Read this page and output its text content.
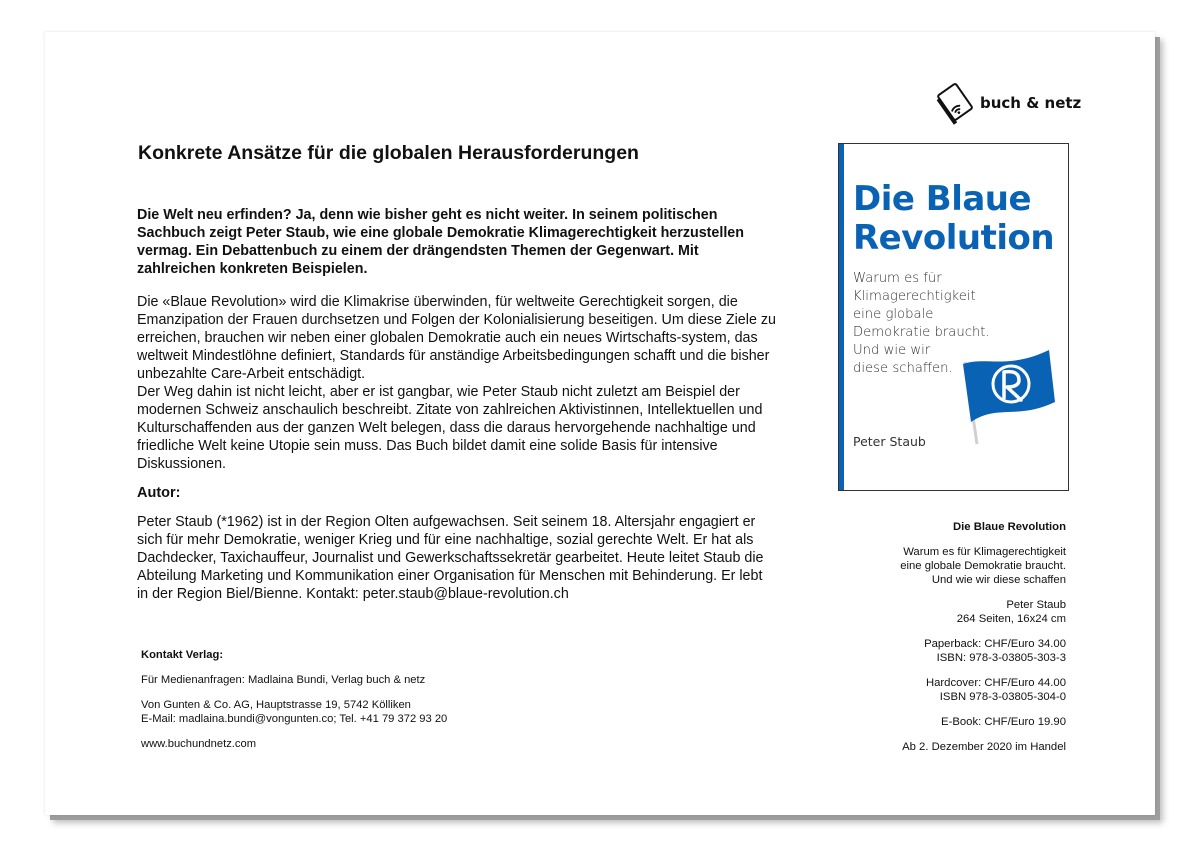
buch & netz
Konkrete Ansätze für die globalen Herausforderungen
Die Welt neu erfinden? Ja, denn wie bisher geht es nicht weiter. In seinem politischen Sachbuch zeigt Peter Staub, wie eine globale Demokratie Klimagerechtigkeit herzustellen vermag. Ein Debattenbuch zu einem der drängendsten Themen der Gegenwart. Mit zahlreichen konkreten Beispielen.

Die «Blaue Revolution» wird die Klimakrise überwinden, für weltweite Gerechtigkeit sorgen, die Emanzipation der Frauen durchsetzen und Folgen der Kolonialisierung beseitigen. Um diese Ziele zu erreichen, brauchen wir neben einer globalen Demokratie auch ein neues Wirtschafts-system, das weltweit Mindestlöhne definiert, Standards für anständige Arbeitsbedingungen schafft und die bisher unbezahlte Care-Arbeit entschädigt.

Der Weg dahin ist nicht leicht, aber er ist gangbar, wie Peter Staub nicht zuletzt am Beispiel der modernen Schweiz anschaulich beschreibt. Zitate von zahlreichen Aktivistinnen, Intellektuellen und Kulturschaffenden aus der ganzen Welt belegen, dass die daraus hervorgehende nachhaltige und friedliche Welt keine Utopie sein muss. Das Buch bildet damit eine solide Basis für intensive Diskussionen.

Autor:
Peter Staub (*1962) ist in der Region Olten aufgewachsen. Seit seinem 18. Altersjahr engagiert er sich für mehr Demokratie, weniger Krieg und für eine nachhaltige, sozial gerechte Welt. Er hat als Dachdecker, Taxichauffeur, Journalist und Gewerkschaftssekretär gearbeitet. Heute leitet Staub die Abteilung Marketing und Kommunikation einer Organisation für Menschen mit Behinderung. Er lebt in der Region Biel/Bienne. Kontakt: peter.staub@blaue-revolution.ch

Kontakt Verlag:

Für Medienanfragen: Madlaina Bundi, Verlag buch & netz

Von Gunten & Co. AG, Hauptstrasse 19, 5742 Kölliken
E-Mail: madlaina.bundi@vongunten.co; Tel. +41 79 372 93 20

www.buchundnetz.com

Die Blaue
Revolution
Warum es für
Klimagerechtigkeit
eine globale
Demokratie braucht.
Und wie wir
diese schaffen.
Peter Staub

Die Blaue Revolution

Warum es für Klimagerechtigkeit
eine globale Demokratie braucht.
Und wie wir diese schaffen

Peter Staub
264 Seiten, 16x24 cm

Paperback: CHF/Euro 34.00
ISBN: 978-3-03805-303-3

Hardcover: CHF/Euro 44.00
ISBN 978-3-03805-304-0

E-Book: CHF/Euro 19.90

Ab 2. Dezember 2020 im Handel
